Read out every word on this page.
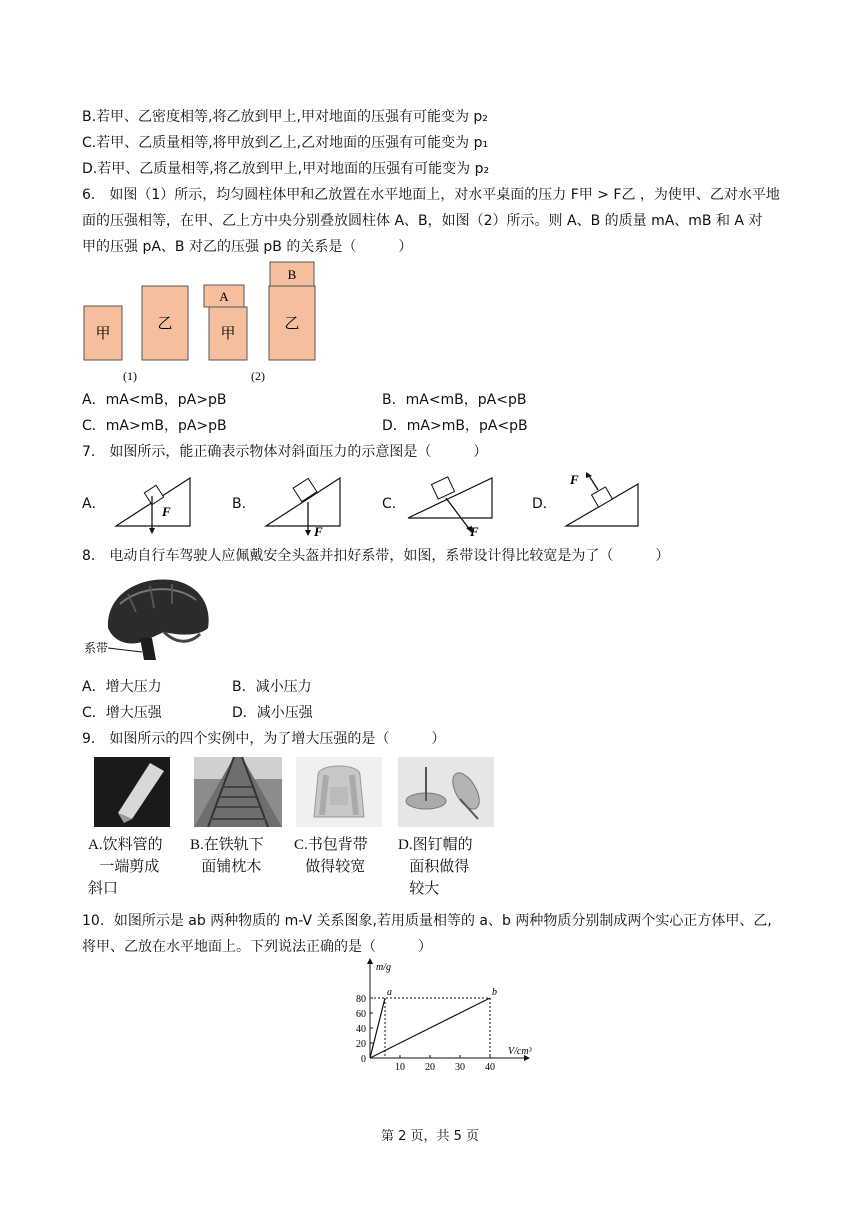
B.若甲、乙密度相等,将乙放到甲上,甲对地面的压强有可能变为 p₂
C.若甲、乙质量相等,将甲放到乙上,乙对地面的压强有可能变为 p₁
D.若甲、乙质量相等,将乙放到甲上,甲对地面的压强有可能变为 p₂
6． 如图（1）所示，均匀圆柱体甲和乙放置在水平地面上，对水平桌面的压力 F甲 > F乙 ，为使甲、乙对水平地
面的压强相等，在甲、乙上方中央分别叠放圆柱体 A、B，如图（2）所示。则 A、B 的质量 mA、mB 和 A 对
甲的压强 pA、B 对乙的压强 pB 的关系是（　　　）
甲
乙
A
甲
B
乙
(1)	(2)
A．mA<mB，pA>pB	B．mA<mB，pA<pB
C．mA>mB，pA>pB	D．mA>mB，pA<pB
7． 如图所示，能正确表示物体对斜面压力的示意图是（　　　）
A．	F	B．
F
C．
F
D．
F
8． 电动自行车驾驶人应佩戴安全头盔并扣好系带，如图，系带设计得比较宽是为了（　　　）
系带
A．增大压力	B．减小压力
C．增大压强	D．减小压强
9． 如图所示的四个实例中，为了增大压强的是（　　　）
A.饮料管的
一端剪成
斜口
B.在铁轨下
面铺枕木
C.书包背带
做得较宽
D.图钉帽的
面积做得
较大
10．如图所示是 ab 两种物质的 m-V 关系图象,若用质量相等的 a、b 两种物质分别制成两个实心正方体甲、乙,
将甲、乙放在水平地面上。下列说法正确的是（　　　）
m/g
V/cm³
10 20 30 40
0
20
40
60
80
a	b
第 2 页，共 5 页
